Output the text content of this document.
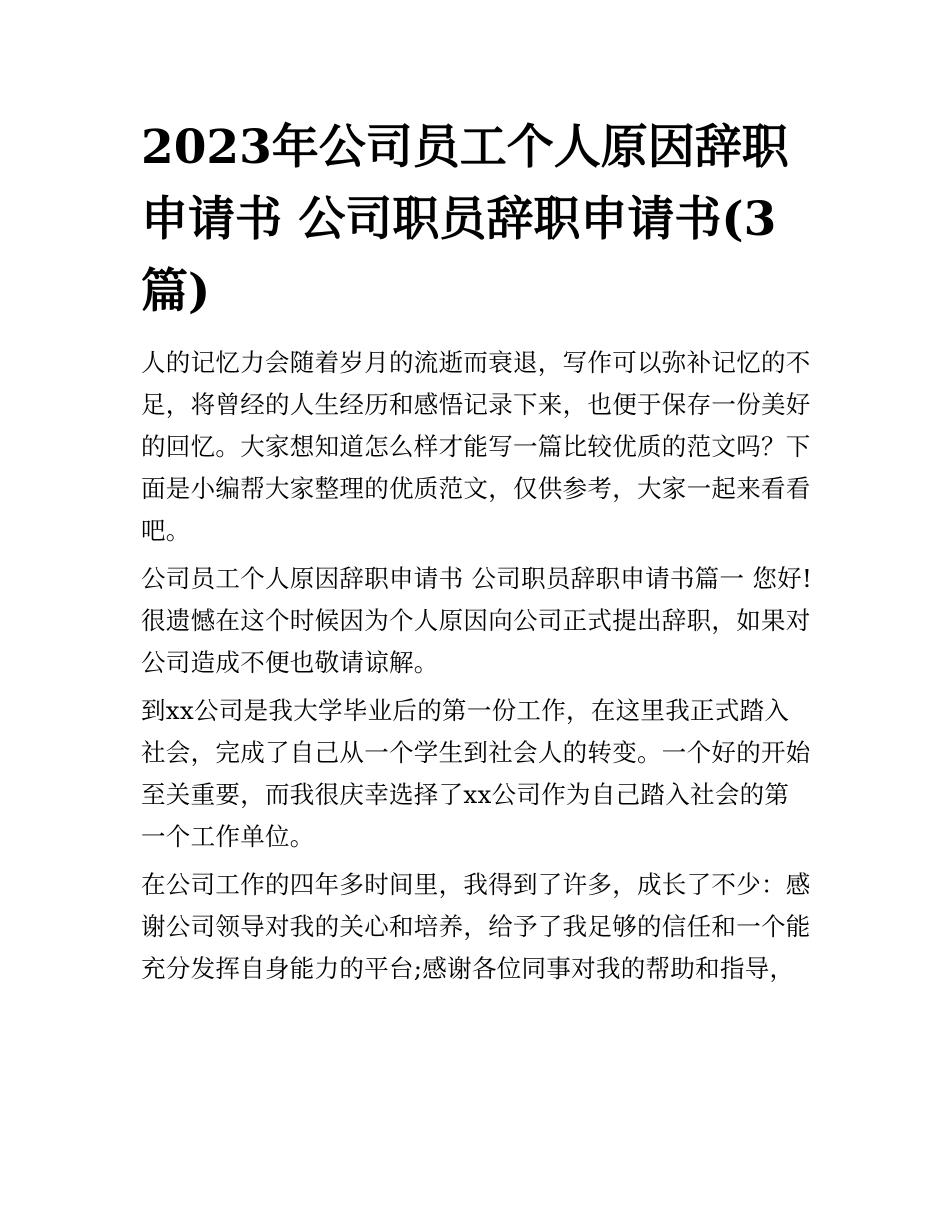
2023年公司员工个人原因辞职申请书 公司职员辞职申请书(3篇)

人的记忆力会随着岁月的流逝而衰退，写作可以弥补记忆的不足，将曾经的人生经历和感悟记录下来，也便于保存一份美好的回忆。大家想知道怎么样才能写一篇比较优质的范文吗？下面是小编帮大家整理的优质范文，仅供参考，大家一起来看看吧。

公司员工个人原因辞职申请书 公司职员辞职申请书篇一 您好!很遗憾在这个时候因为个人原因向公司正式提出辞职，如果对公司造成不便也敬请谅解。

到xx公司是我大学毕业后的第一份工作，在这里我正式踏入社会，完成了自己从一个学生到社会人的转变。一个好的开始至关重要，而我很庆幸选择了xx公司作为自己踏入社会的第一个工作单位。

在公司工作的四年多时间里，我得到了许多，成长了不少：感谢公司领导对我的关心和培养，给予了我足够的信任和一个能充分发挥自身能力的平台;感谢各位同事对我的帮助和指导，
